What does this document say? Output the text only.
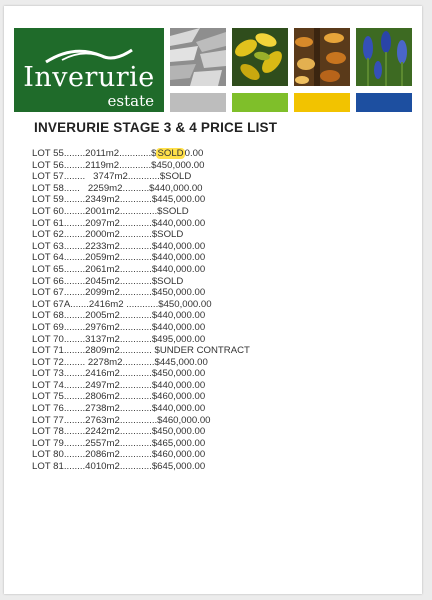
Inverurie
estate
INVERURIE STAGE 3 & 4 PRICE LIST
LOT 55........2011m2............$SOLD0.00
LOT 56........2119m2............$450,000.00
LOT 57........   3747m2............$SOLD
LOT 58......   2259m2..........$440,000.00
LOT 59........2349m2............$445,000.00
LOT 60........2001m2..............$SOLD
LOT 61........2097m2............$440,000.00
LOT 62........2000m2............$SOLD
LOT 63........2233m2............$440,000.00
LOT 64........2059m2............$440,000.00
LOT 65........2061m2............$440,000.00
LOT 66........2045m2............$SOLD
LOT 67........2099m2............$450,000.00
LOT 67A.......2416m2 ............$450,000.00
LOT 68........2005m2............$440,000.00
LOT 69........2976m2............$440,000.00
LOT 70........3137m2............$495,000.00
LOT 71........2809m2............ $UNDER CONTRACT
LOT 72........ 2278m2............$445,000.00
LOT 73........2416m2............$450,000.00
LOT 74........2497m2............$440,000.00
LOT 75........2806m2............$460,000.00
LOT 76........2738m2............$440,000.00
LOT 77........2763m2..............$460,000.00
LOT 78........2242m2............$450,000.00
LOT 79........2557m2............$465,000.00
LOT 80........2086m2............$460,000.00
LOT 81........4010m2............$645,000.00
